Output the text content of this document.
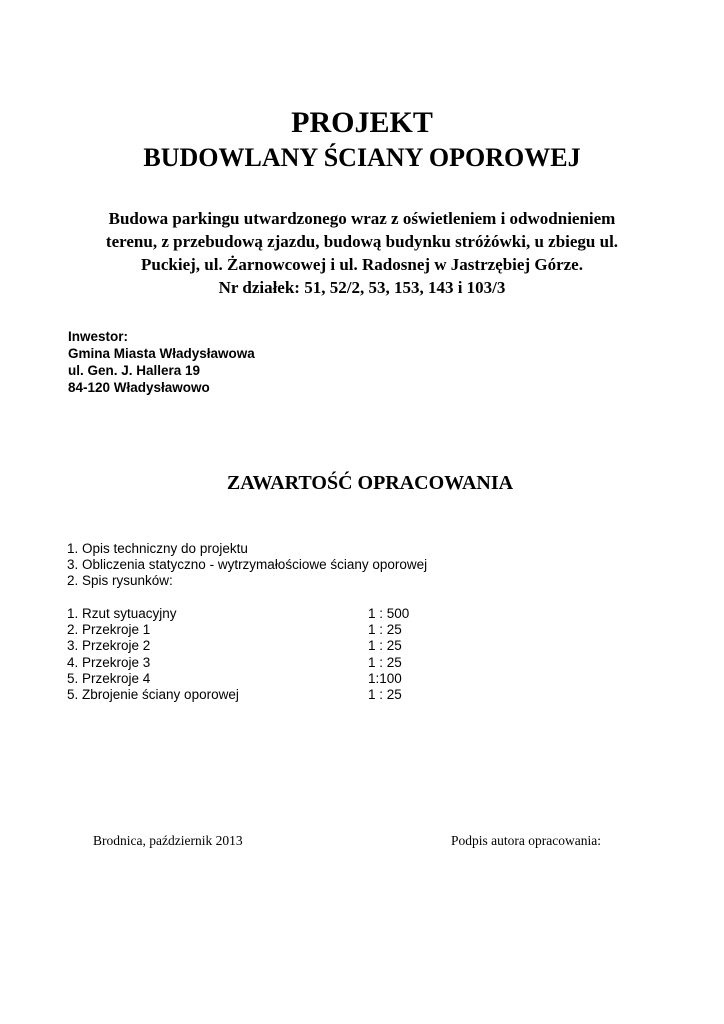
PROJEKT
BUDOWLANY ŚCIANY OPOROWEJ
Budowa parkingu utwardzonego wraz z oświetleniem i odwodnieniem
terenu, z przebudową zjazdu, budową budynku stróżówki, u zbiegu ul.
Puckiej, ul. Żarnowcowej i ul. Radosnej w Jastrzębiej Górze.
Nr działek: 51, 52/2, 53, 153, 143 i 103/3
Inwestor:
Gmina Miasta Władysławowa
ul. Gen. J. Hallera 19
84-120 Władysławowo
ZAWARTOŚĆ OPRACOWANIA
1. Opis techniczny do projektu
3. Obliczenia statyczno - wytrzymałościowe ściany oporowej
2. Spis rysunków:
1. Rzut sytuacyjny	1 : 500
2. Przekroje 1	1 : 25
3. Przekroje 2	1 : 25
4. Przekroje 3	1 : 25
5. Przekroje 4	1:100
5. Zbrojenie ściany oporowej	1 : 25
Brodnica, październik 2013	Podpis autora opracowania:
